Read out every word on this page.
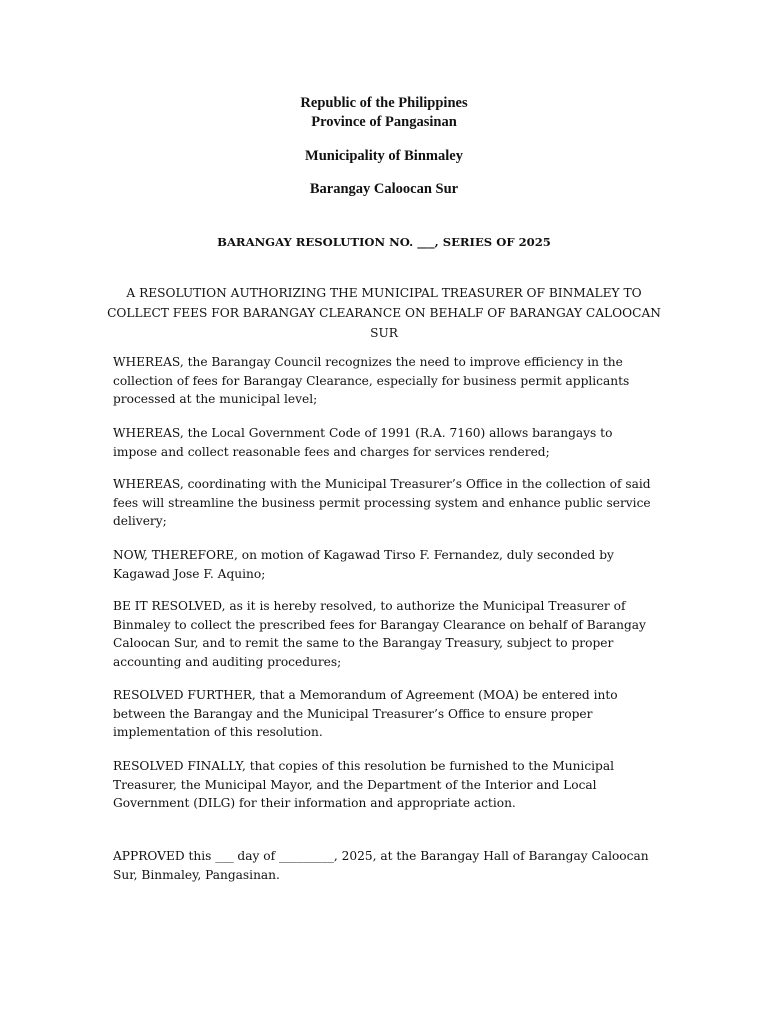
Republic of the Philippines

Province of Pangasinan

Municipality of Binmaley

Barangay Caloocan Sur

BARANGAY RESOLUTION NO. ___, SERIES OF 2025

A RESOLUTION AUTHORIZING THE MUNICIPAL TREASURER OF BINMALEY TO COLLECT FEES FOR BARANGAY CLEARANCE ON BEHALF OF BARANGAY CALOOCAN SUR

WHEREAS, the Barangay Council recognizes the need to improve efficiency in the collection of fees for Barangay Clearance, especially for business permit applicants processed at the municipal level;

WHEREAS, the Local Government Code of 1991 (R.A. 7160) allows barangays to impose and collect reasonable fees and charges for services rendered;

WHEREAS, coordinating with the Municipal Treasurer’s Office in the collection of said fees will streamline the business permit processing system and enhance public service delivery;

NOW, THEREFORE, on motion of Kagawad Tirso F. Fernandez, duly seconded by Kagawad Jose F. Aquino;

BE IT RESOLVED, as it is hereby resolved, to authorize the Municipal Treasurer of Binmaley to collect the prescribed fees for Barangay Clearance on behalf of Barangay Caloocan Sur, and to remit the same to the Barangay Treasury, subject to proper accounting and auditing procedures;

RESOLVED FURTHER, that a Memorandum of Agreement (MOA) be entered into between the Barangay and the Municipal Treasurer’s Office to ensure proper implementation of this resolution.

RESOLVED FINALLY, that copies of this resolution be furnished to the Municipal Treasurer, the Municipal Mayor, and the Department of the Interior and Local Government (DILG) for their information and appropriate action.

APPROVED this ___ day of _________, 2025, at the Barangay Hall of Barangay Caloocan Sur, Binmaley, Pangasinan.
